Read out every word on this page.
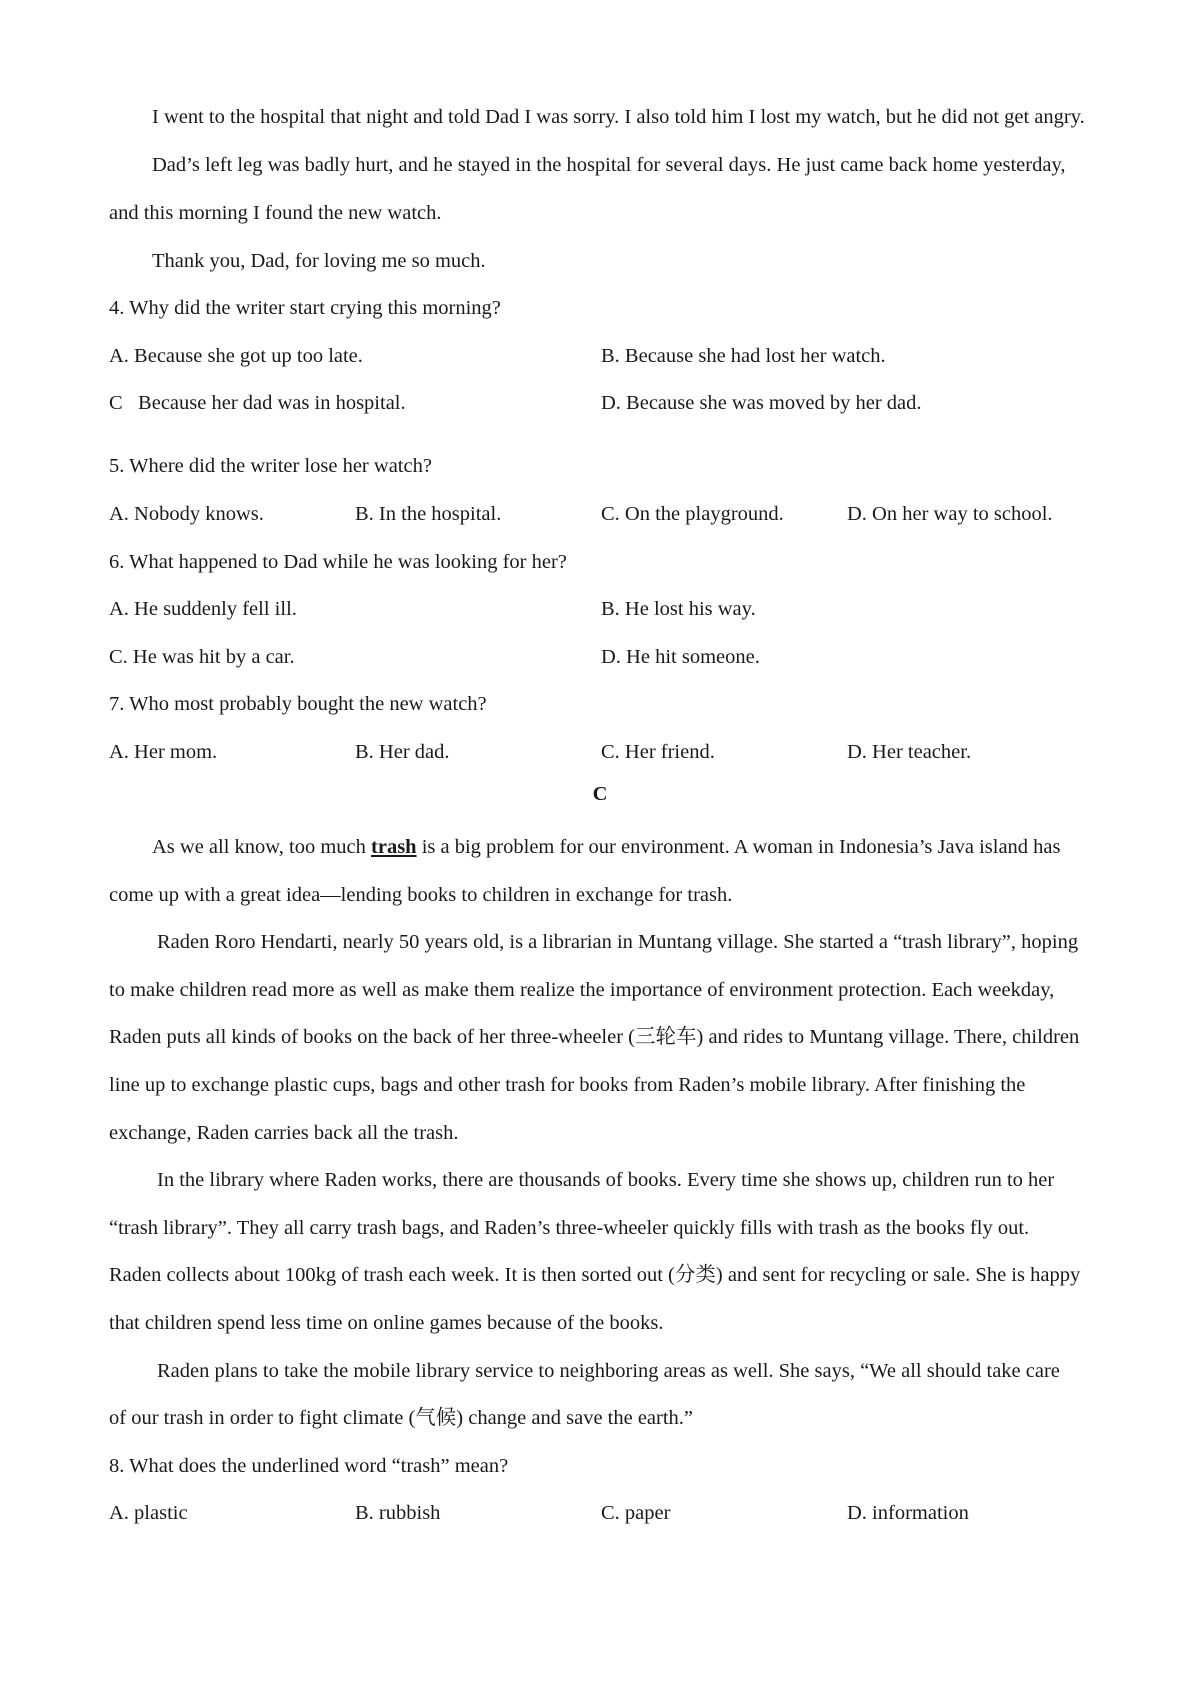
I went to the hospital that night and told Dad I was sorry. I also told him I lost my watch, but he did not get angry.
Dad’s left leg was badly hurt, and he stayed in the hospital for several days. He just came back home yesterday,
and this morning I found the new watch.
Thank you, Dad, for loving me so much.
4. Why did the writer start crying this morning?
A. Because she got up too late.	B. Because she had lost her watch.
C   Because her dad was in hospital.	D. Because she was moved by her dad.
5. Where did the writer lose her watch?
A. Nobody knows.	B. In the hospital.	C. On the playground.	D. On her way to school.
6. What happened to Dad while he was looking for her?
A. He suddenly fell ill.	B. He lost his way.
C. He was hit by a car.	D. He hit someone.
7. Who most probably bought the new watch?
A. Her mom.	B. Her dad.	C. Her friend.	D. Her teacher.
C
As we all know, too much trash is a big problem for our environment. A woman in Indonesia’s Java island has
come up with a great idea—lending books to children in exchange for trash.
Raden Roro Hendarti, nearly 50 years old, is a librarian in Muntang village. She started a “trash library”, hoping
to make children read more as well as make them realize the importance of environment protection. Each weekday,
Raden puts all kinds of books on the back of her three-wheeler (三轮车) and rides to Muntang village. There, children
line up to exchange plastic cups, bags and other trash for books from Raden’s mobile library. After finishing the
exchange, Raden carries back all the trash.
In the library where Raden works, there are thousands of books. Every time she shows up, children run to her
“trash library”. They all carry trash bags, and Raden’s three-wheeler quickly fills with trash as the books fly out.
Raden collects about 100kg of trash each week. It is then sorted out (分类) and sent for recycling or sale. She is happy
that children spend less time on online games because of the books.
Raden plans to take the mobile library service to neighboring areas as well. She says, “We all should take care
of our trash in order to fight climate (气候) change and save the earth.”
8. What does the underlined word “trash” mean?
A. plastic	B. rubbish	C. paper	D. information
